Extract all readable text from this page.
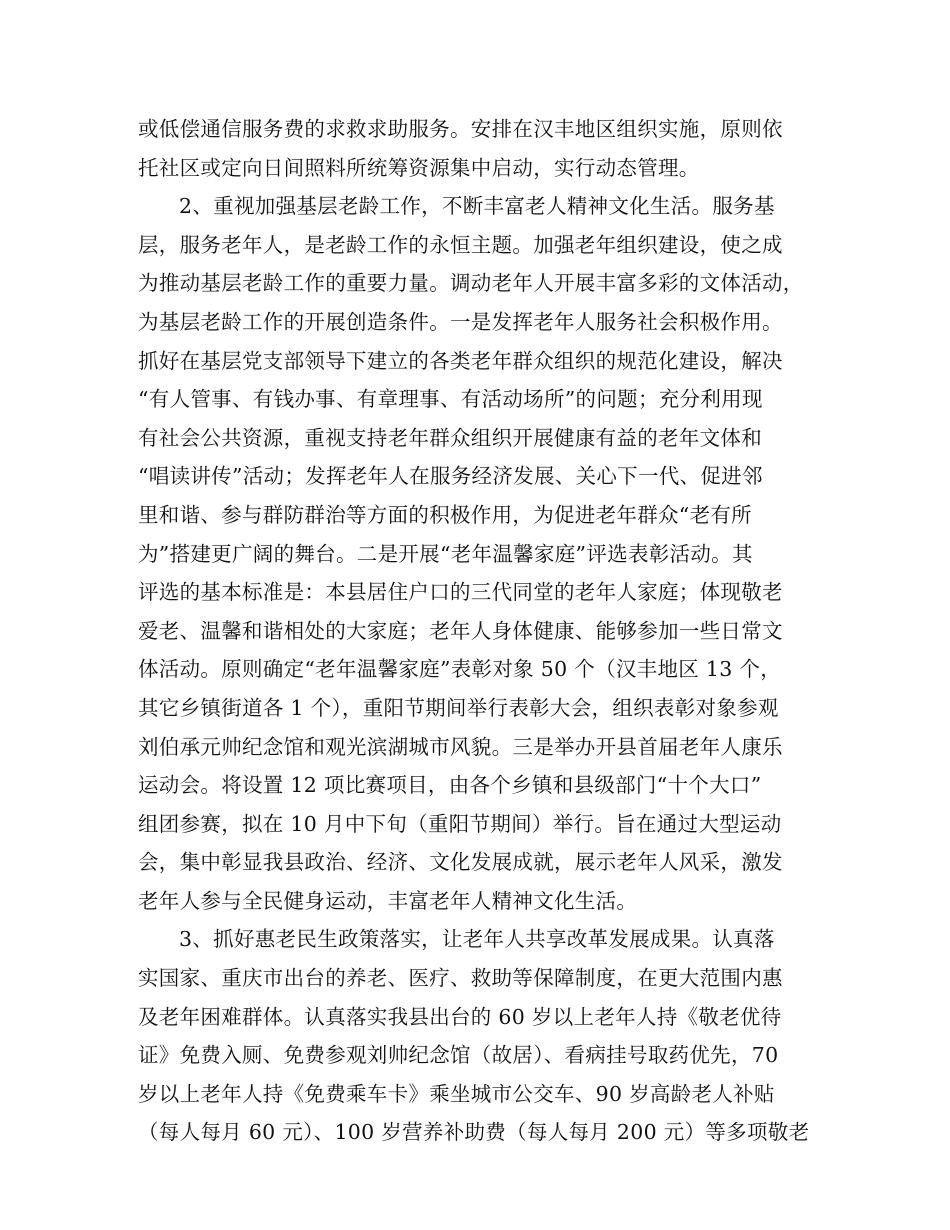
或低偿通信服务费的求救求助服务。安排在汉丰地区组织实施，原则依
托社区或定向日间照料所统筹资源集中启动，实行动态管理。
2、重视加强基层老龄工作，不断丰富老人精神文化生活。服务基
层，服务老年人，是老龄工作的永恒主题。加强老年组织建设，使之成
为推动基层老龄工作的重要力量。调动老年人开展丰富多彩的文体活动，
为基层老龄工作的开展创造条件。一是发挥老年人服务社会积极作用。
抓好在基层党支部领导下建立的各类老年群众组织的规范化建设，解决
“有人管事、有钱办事、有章理事、有活动场所”的问题；充分利用现
有社会公共资源，重视支持老年群众组织开展健康有益的老年文体和
“唱读讲传”活动；发挥老年人在服务经济发展、关心下一代、促进邻
里和谐、参与群防群治等方面的积极作用，为促进老年群众“老有所
为”搭建更广阔的舞台。二是开展“老年温馨家庭”评选表彰活动。其
评选的基本标准是：本县居住户口的三代同堂的老年人家庭；体现敬老
爱老、温馨和谐相处的大家庭；老年人身体健康、能够参加一些日常文
体活动。原则确定“老年温馨家庭”表彰对象 50 个（汉丰地区 13 个，
其它乡镇街道各 1 个），重阳节期间举行表彰大会，组织表彰对象参观
刘伯承元帅纪念馆和观光滨湖城市风貌。三是举办开县首届老年人康乐
运动会。将设置 12 项比赛项目，由各个乡镇和县级部门“十个大口”
组团参赛，拟在 10 月中下旬（重阳节期间）举行。旨在通过大型运动
会，集中彰显我县政治、经济、文化发展成就，展示老年人风采，激发
老年人参与全民健身运动，丰富老年人精神文化生活。
3、抓好惠老民生政策落实，让老年人共享改革发展成果。认真落
实国家、重庆市出台的养老、医疗、救助等保障制度，在更大范围内惠
及老年困难群体。认真落实我县出台的 60 岁以上老年人持《敬老优待
证》免费入厕、免费参观刘帅纪念馆（故居）、看病挂号取药优先，70
岁以上老年人持《免费乘车卡》乘坐城市公交车、90 岁高龄老人补贴
（每人每月 60 元）、100 岁营养补助费（每人每月 200 元）等多项敬老
